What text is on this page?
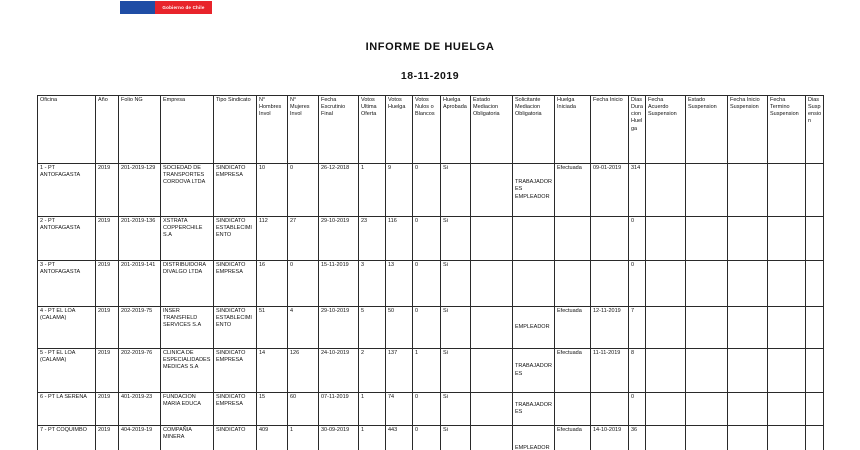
Gobierno de Chile
INFORME DE HUELGA
18-11-2019
Oficina	Año	Folio NG	Empresa	Tipo Sindicato	N° Hombres Invol	N° Mujeres Invol	Fecha Escrutinio Final	Votos Ultima Oferta	Votos Huelga	Votos Nulos o Blancos	Huelga Aprobada	Estado Mediacion Obligatoria	Solicitante Mediacion Obligatoria	Huelga Iniciada	Fecha Inicio	Dias Duracion Huelga	Fecha Acuerdo Suspension	Estado Suspension	Fecha Inicio Suspension	Fecha Termino Suspension	Dias Suspension
1 - PT ANTOFAGASTA	2019	201-2019-129	SOCIEDAD DE TRANSPORTES CORDOVA LTDA	SINDICATO EMPRESA	10	0	26-12-2018	1	9	0	Si		TRABAJADORES EMPLEADOR	Efectuada	09-01-2019	314					
2 - PT ANTOFAGASTA	2019	201-2019-136	XSTRATA COPPERCHILE S.A	SINDICATO ESTABLECIMIENTO	112	27	29-10-2019	23	116	0	Si					0					
3 - PT ANTOFAGASTA	2019	201-2019-141	DISTRIBUIDORA DIVALGO LTDA	SINDICATO EMPRESA	16	0	15-11-2019	3	13	0	Si					0					
4 - PT EL LOA (CALAMA)	2019	202-2019-75	INSER TRANSFIELD SERVICES S.A	SINDICATO ESTABLECIMIENTO	51	4	29-10-2019	5	50	0	Si		EMPLEADOR	Efectuada	12-11-2019	7					
5 - PT EL LOA (CALAMA)	2019	202-2019-76	CLINICA DE ESPECIALIDADES MEDICAS S.A	SINDICATO EMPRESA	14	126	24-10-2019	2	137	1	Si		TRABAJADORES	Efectuada	11-11-2019	8					
6 - PT LA SERENA	2019	401-2019-23	FUNDACION MARIA EDUCA	SINDICATO EMPRESA	15	60	07-11-2019	1	74	0	Si		TRABAJADORES			0					
7 - PT COQUIMBO	2019	404-2019-19	COMPAÑIA MINERA	SINDICATO	409	1	30-09-2019	1	443	0	Si		EMPLEADOR	Efectuada	14-10-2019	36					
